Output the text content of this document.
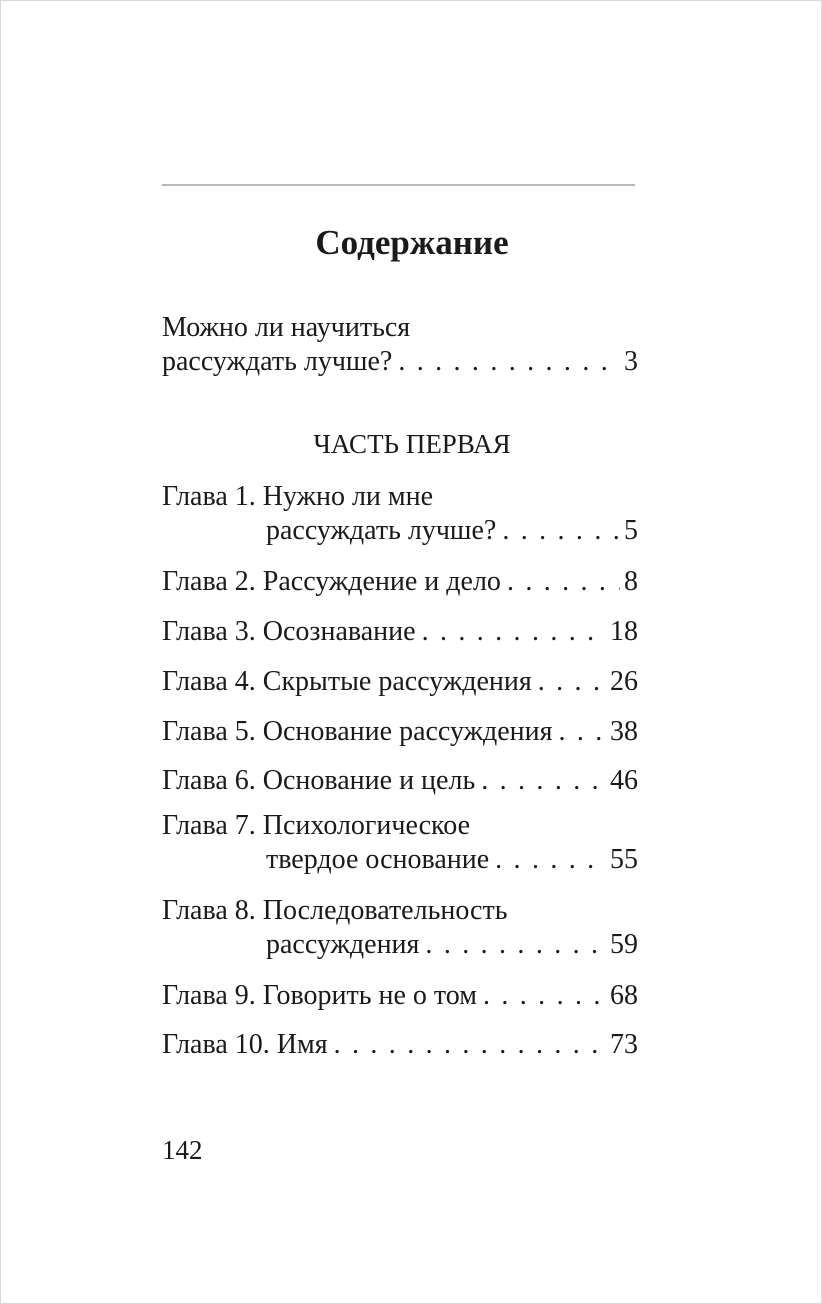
Содержание
Можно ли научиться
рассуждать лучше? . . .	3
ЧАСТЬ ПЕРВАЯ
Глава 1. Нужно ли мне
рассуждать лучше? . . .	5
Глава 2. Рассуждение и дело . . .	8
Глава 3. Осознавание . . .	18
Глава 4. Скрытые рассуждения . . .	26
Глава 5. Основание рассуждения . . . 38
Глава 6. Основание и цель . . .	46
Глава 7. Психологическое
твердое основание . . .	55
Глава 8. Последовательность
рассуждения . . .	59
Глава 9. Говорить не о том . . .	68
Глава 10. Имя . . .	73
142
